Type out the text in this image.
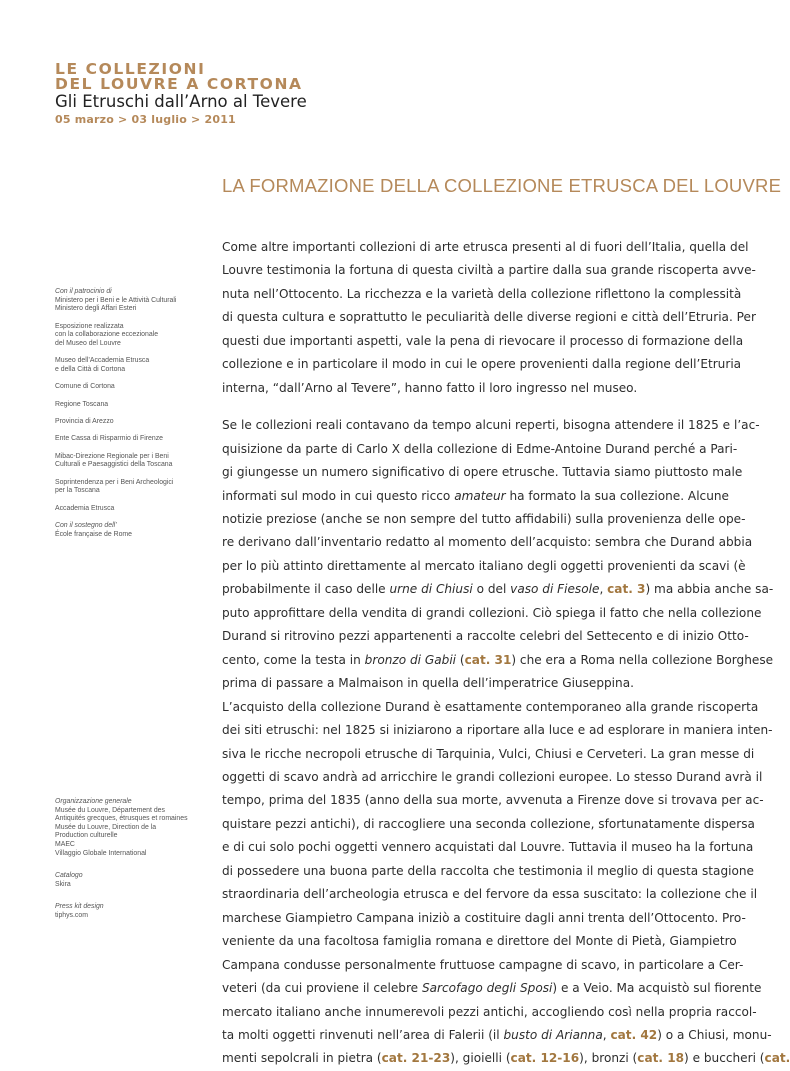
LE COLLEZIONI
DEL LOUVRE A CORTONA
Gli Etruschi dall’Arno al Tevere
05 marzo > 03 luglio > 2011
LA FORMAZIONE DELLA COLLEZIONE ETRUSCA DEL LOUVRE
Con il patrocinio di
Ministero per i Beni e le Attività Culturali
Ministero degli Affari Esteri
Esposizione realizzata
con la collaborazione eccezionale
del Museo del Louvre
Museo dell’Accademia Etrusca
e della Città di Cortona
Comune di Cortona
Regione Toscana
Provincia di Arezzo
Ente Cassa di Risparmio di Firenze
Mibac-Direzione Regionale per i Beni
Culturali e Paesaggistici della Toscana
Soprintendenza per i Beni Archeologici
per la Toscana
Accademia Etrusca
Con il sostegno dell’
École française de Rome
Organizzazione generale
Musée du Louvre, Département des
Antiquités grecques, étrusques et romaines
Musée du Louvre, Direction de la
Production culturelle
MAEC
Villaggio Globale International
Catalogo
Skira
Press kit design
tiphys.com
Come altre importanti collezioni di arte etrusca presenti al di fuori dell’Italia, quella del
Louvre testimonia la fortuna di questa civiltà a partire dalla sua grande riscoperta avve-
nuta nell’Ottocento. La ricchezza e la varietà della collezione riflettono la complessità
di questa cultura e soprattutto le peculiarità delle diverse regioni e città dell’Etruria. Per
questi due importanti aspetti, vale la pena di rievocare il processo di formazione della
collezione e in particolare il modo in cui le opere provenienti dalla regione dell’Etruria
interna, “dall’Arno al Tevere”, hanno fatto il loro ingresso nel museo.
Se le collezioni reali contavano da tempo alcuni reperti, bisogna attendere il 1825 e l’ac-
quisizione da parte di Carlo X della collezione di Edme-Antoine Durand perché a Pari-
gi giungesse un numero significativo di opere etrusche. Tuttavia siamo piuttosto male
informati sul modo in cui questo ricco amateur ha formato la sua collezione. Alcune
notizie preziose (anche se non sempre del tutto affidabili) sulla provenienza delle ope-
re derivano dall’inventario redatto al momento dell’acquisto: sembra che Durand abbia
per lo più attinto direttamente al mercato italiano degli oggetti provenienti da scavi (è
probabilmente il caso delle urne di Chiusi o del vaso di Fiesole, cat. 3) ma abbia anche sa-
puto approfittare della vendita di grandi collezioni. Ciò spiega il fatto che nella collezione
Durand si ritrovino pezzi appartenenti a raccolte celebri del Settecento e di inizio Otto-
cento, come la testa in bronzo di Gabii (cat. 31) che era a Roma nella collezione Borghese
prima di passare a Malmaison in quella dell’imperatrice Giuseppina.
L’acquisto della collezione Durand è esattamente contemporaneo alla grande riscoperta
dei siti etruschi: nel 1825 si iniziarono a riportare alla luce e ad esplorare in maniera inten-
siva le ricche necropoli etrusche di Tarquinia, Vulci, Chiusi e Cerveteri. La gran messe di
oggetti di scavo andrà ad arricchire le grandi collezioni europee. Lo stesso Durand avrà il
tempo, prima del 1835 (anno della sua morte, avvenuta a Firenze dove si trovava per ac-
quistare pezzi antichi), di raccogliere una seconda collezione, sfortunatamente dispersa
e di cui solo pochi oggetti vennero acquistati dal Louvre. Tuttavia il museo ha la fortuna
di possedere una buona parte della raccolta che testimonia il meglio di questa stagione
straordinaria dell’archeologia etrusca e del fervore da essa suscitato: la collezione che il
marchese Giampietro Campana iniziò a costituire dagli anni trenta dell’Ottocento. Pro-
veniente da una facoltosa famiglia romana e direttore del Monte di Pietà, Giampietro
Campana condusse personalmente fruttuose campagne di scavo, in particolare a Cer-
veteri (da cui proviene il celebre Sarcofago degli Sposi) e a Veio. Ma acquistò sul fiorente
mercato italiano anche innumerevoli pezzi antichi, accogliendo così nella propria raccol-
ta molti oggetti rinvenuti nell’area di Falerii (il busto di Arianna, cat. 42) o a Chiusi, monu-
menti sepolcrali in pietra (cat. 21-23), gioielli (cat. 12-16), bronzi (cat. 18) e buccheri (cat.
